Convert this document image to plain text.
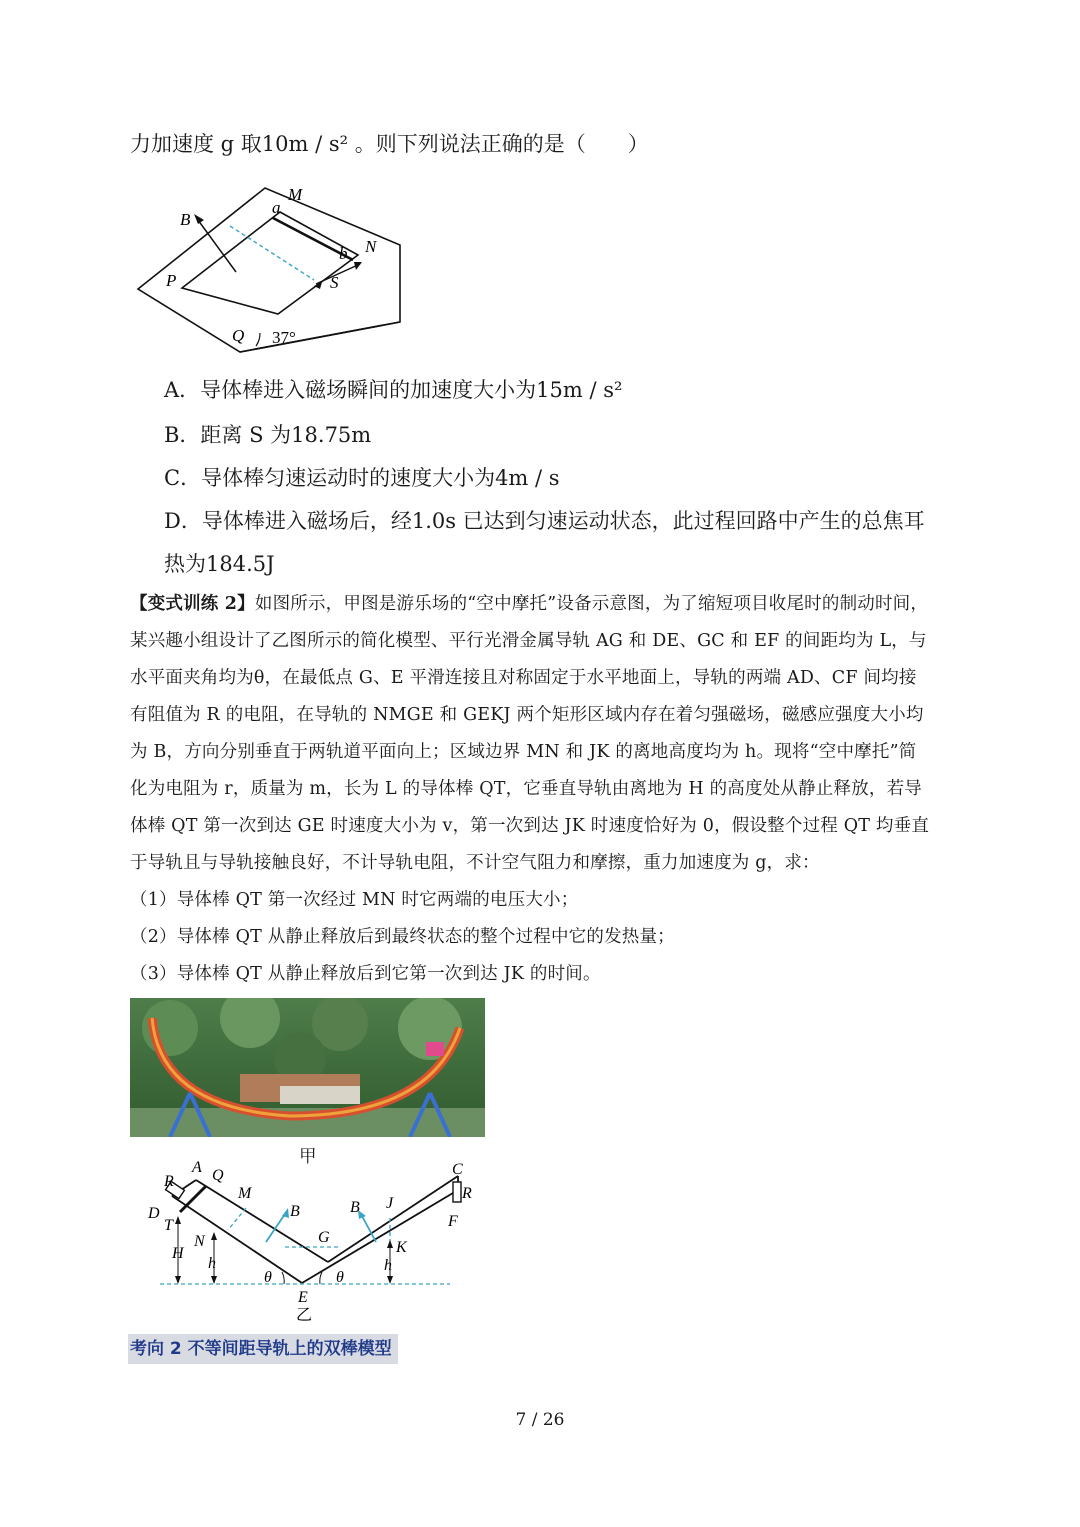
力加速度 g 取10m / s² 。则下列说法正确的是（　　）
B
M
a
N
b
P	S
Q 37°
A．导体棒进入磁场瞬间的加速度大小为15m / s²
B．距离 S 为18.75m
C．导体棒匀速运动时的速度大小为4m / s
D．导体棒进入磁场后，经1.0s 已达到匀速运动状态，此过程回路中产生的总焦耳
热为184.5J
【变式训练 2】如图所示，甲图是游乐场的“空中摩托”设备示意图，为了缩短项目收尾时的制动时间，
某兴趣小组设计了乙图所示的简化模型、平行光滑金属导轨 AG 和 DE、GC 和 EF 的间距均为 L，与
水平面夹角均为θ，在最低点 G、E 平滑连接且对称固定于水平地面上，导轨的两端 AD、CF 间均接
有阻值为 R 的电阻，在导轨的 NMGE 和 GEKJ 两个矩形区域内存在着匀强磁场，磁感应强度大小均
为 B，方向分别垂直于两轨道平面向上；区域边界 MN 和 JK 的离地高度均为 h。现将“空中摩托”简
化为电阻为 r，质量为 m，长为 L 的导体棒 QT，它垂直导轨由离地为 H 的高度处从静止释放，若导
体棒 QT 第一次到达 GE 时速度大小为 v，第一次到达 JK 时速度恰好为 0，假设整个过程 QT 均垂直
于导轨且与导轨接触良好，不计导轨电阻，不计空气阻力和摩擦，重力加速度为 g，求：
（1）导体棒 QT 第一次经过 MN 时它两端的电压大小；
（2）导体棒 QT 从静止释放后到最终状态的整个过程中它的发热量；
（3）导体棒 QT 从静止释放后到它第一次到达 JK 的时间。
甲
R
A Q
D
T
M
N
H
h
B
G
B J
C
R
F
K
h
θ	θ
E
乙
考向 2 不等间距导轨上的双棒模型
7 / 26
